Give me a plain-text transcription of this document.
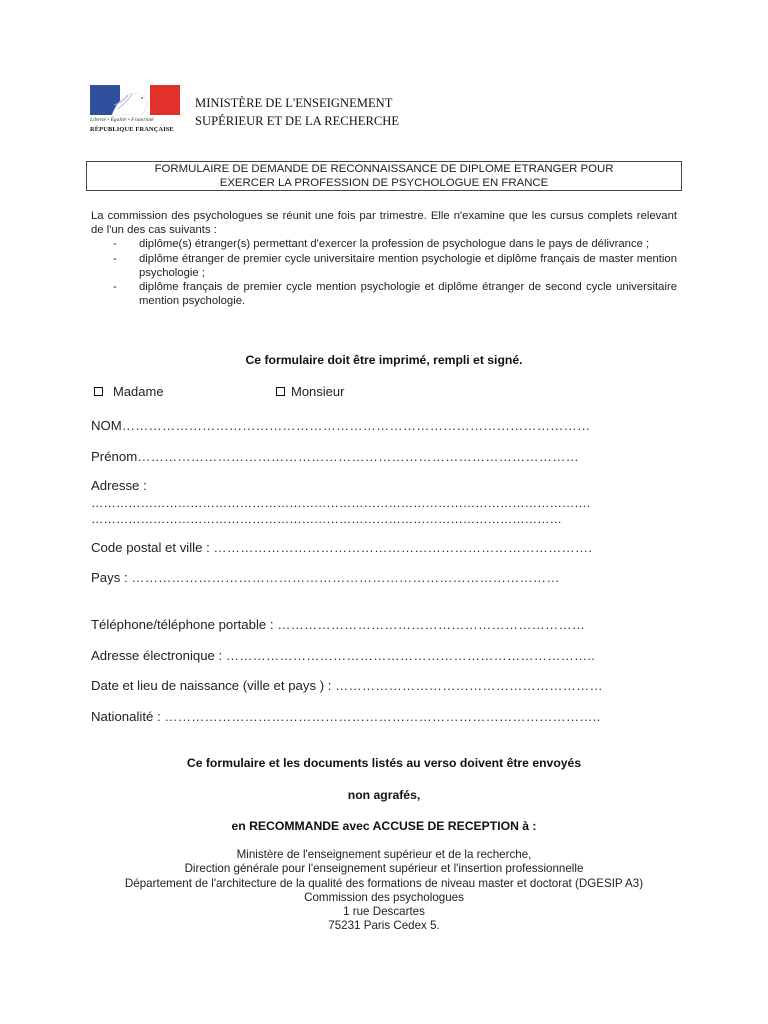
Liberté • Égalité • Fraternité
RÉPUBLIQUE FRANÇAISE
MINISTÈRE DE L'ENSEIGNEMENT
SUPÉRIEUR ET DE LA RECHERCHE
FORMULAIRE DE DEMANDE DE RECONNAISSANCE DE DIPLOME ETRANGER POUR
EXERCER LA PROFESSION DE PSYCHOLOGUE EN FRANCE

La commission des psychologues se réunit une fois par trimestre. Elle n'examine que les cursus complets relevant de l'un des cas suivants :

- diplôme(s) étranger(s) permettant d'exercer la profession de psychologue dans le pays de délivrance ;
- diplôme étranger de premier cycle universitaire mention psychologie et diplôme français de master mention psychologie ;
- diplôme français de premier cycle mention psychologie et diplôme étranger de second cycle universitaire mention psychologie.
Ce formulaire doit être imprimé, rempli et signé.
Madame	Monsieur
NOM……………………………………………………………………………………………
Prénom………………………………………………………………………………………
Adresse :
………………………………………………………………………………………………………….
……………………………………………………………………………………………………
Code postal et ville : ………………………………………………………………………….
Pays : ……………………………………………………………………………………
Téléphone/téléphone portable : ……………………………………………………………
Adresse électronique : ………………………………………………………………………..
Date et lieu de naissance (ville et pays ) : ……………………………………………………
Nationalité : ……………………………………………………………………………………..
Ce formulaire et les documents listés au verso doivent être envoyés
non agrafés,
en RECOMMANDE avec ACCUSE DE RECEPTION à :
Ministère de l'enseignement supérieur et de la recherche,
Direction générale pour l'enseignement supérieur et l'insertion professionnelle
Département de l'architecture de la qualité des formations de niveau master et doctorat (DGESIP A3)
Commission des psychologues
1 rue Descartes
75231 Paris Cedex 5.
